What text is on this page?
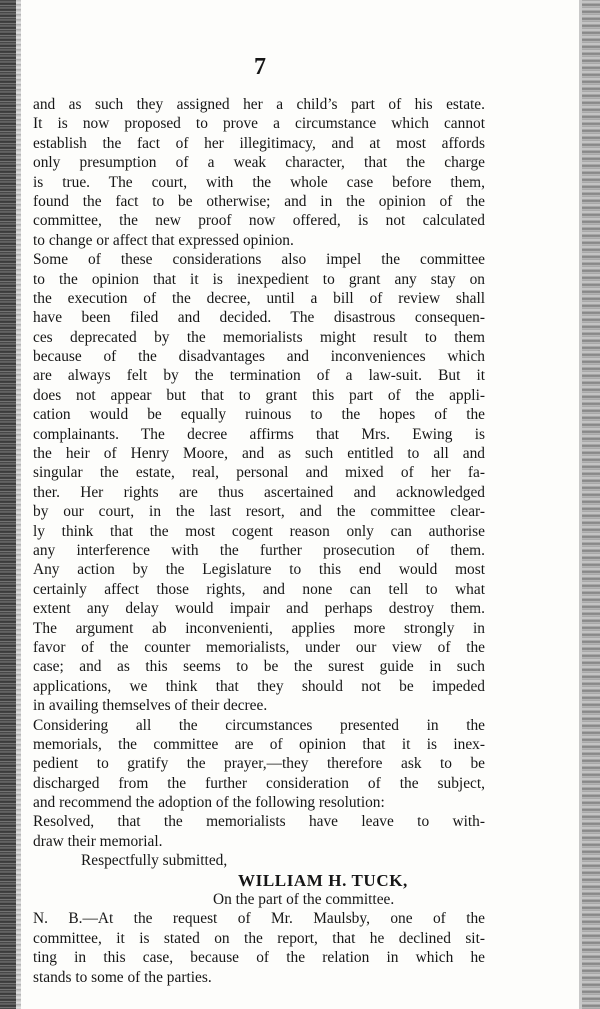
7
and as such they assigned her a child’s part of his estate.
It is now proposed to prove a circumstance which cannot
establish the fact of her illegitimacy, and at most affords
only presumption of a weak character, that the charge
is true. The court, with the whole case before them,
found the fact to be otherwise; and in the opinion of the
committee, the new proof now offered, is not calculated
to change or affect that expressed opinion.
Some of these considerations also impel the committee
to the opinion that it is inexpedient to grant any stay on
the execution of the decree, until a bill of review shall
have been filed and decided. The disastrous consequen-
ces deprecated by the memorialists might result to them
because of the disadvantages and inconveniences which
are always felt by the termination of a law-suit. But it
does not appear but that to grant this part of the appli-
cation would be equally ruinous to the hopes of the
complainants. The decree affirms that Mrs. Ewing is
the heir of Henry Moore, and as such entitled to all and
singular the estate, real, personal and mixed of her fa-
ther. Her rights are thus ascertained and acknowledged
by our court, in the last resort, and the committee clear-
ly think that the most cogent reason only can authorise
any interference with the further prosecution of them.
Any action by the Legislature to this end would most
certainly affect those rights, and none can tell to what
extent any delay would impair and perhaps destroy them.
The argument ab inconvenienti, applies more strongly in
favor of the counter memorialists, under our view of the
case; and as this seems to be the surest guide in such
applications, we think that they should not be impeded
in availing themselves of their decree.
Considering all the circumstances presented in the
memorials, the committee are of opinion that it is inex-
pedient to gratify the prayer,—they therefore ask to be
discharged from the further consideration of the subject,
and recommend the adoption of the following resolution:
Resolved, that the memorialists have leave to with-
draw their memorial.
Respectfully submitted,
WILLIAM H. TUCK,
On the part of the committee.
N. B.—At the request of Mr. Maulsby, one of the
committee, it is stated on the report, that he declined sit-
ting in this case, because of the relation in which he
stands to some of the parties.
